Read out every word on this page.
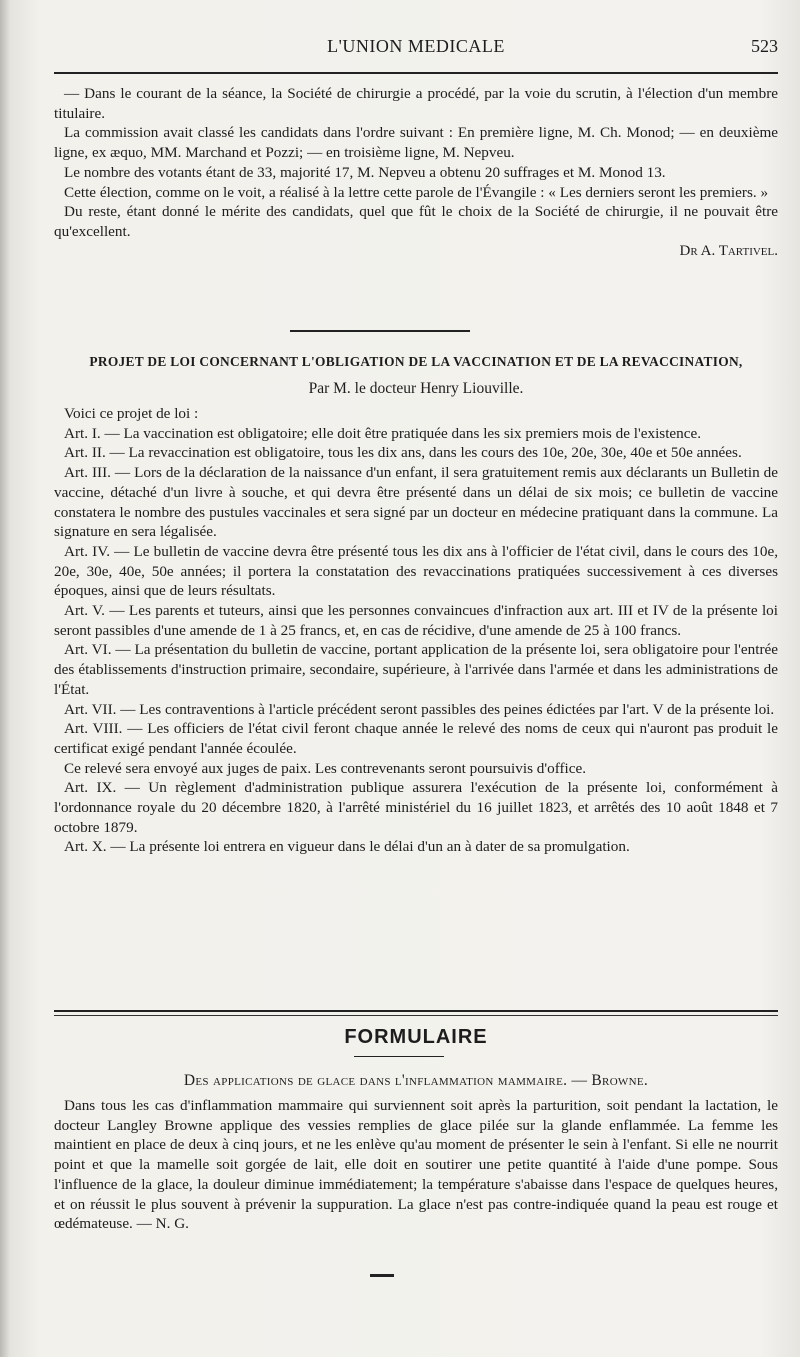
L'UNION MEDICALE	523

— Dans le courant de la séance, la Société de chirurgie a procédé, par la voie du scrutin, à l'élection d'un membre titulaire.

La commission avait classé les candidats dans l'ordre suivant : En première ligne, M. Ch. Monod; — en deuxième ligne, ex æquo, MM. Marchand et Pozzi; — en troisième ligne, M. Nepveu.

Le nombre des votants étant de 33, majorité 17, M. Nepveu a obtenu 20 suffrages et M. Monod 13.

Cette élection, comme on le voit, a réalisé à la lettre cette parole de l'Évangile : « Les derniers seront les premiers. »

Du reste, étant donné le mérite des candidats, quel que fût le choix de la Société de chirurgie, il ne pouvait être qu'excellent.

Dr A. Tartivel.

PROJET DE LOI CONCERNANT L'OBLIGATION DE LA VACCINATION ET DE LA REVACCINATION,
Par M. le docteur Henry Liouville.

Voici ce projet de loi :

Art. I. — La vaccination est obligatoire; elle doit être pratiquée dans les six premiers mois de l'existence.

Art. II. — La revaccination est obligatoire, tous les dix ans, dans les cours des 10e, 20e, 30e, 40e et 50e années.

Art. III. — Lors de la déclaration de la naissance d'un enfant, il sera gratuitement remis aux déclarants un Bulletin de vaccine, détaché d'un livre à souche, et qui devra être présenté dans un délai de six mois; ce bulletin de vaccine constatera le nombre des pustules vaccinales et sera signé par un docteur en médecine pratiquant dans la commune. La signature en sera légalisée.

Art. IV. — Le bulletin de vaccine devra être présenté tous les dix ans à l'officier de l'état civil, dans le cours des 10e, 20e, 30e, 40e, 50e années; il portera la constatation des revaccinations pratiquées successivement à ces diverses époques, ainsi que de leurs résultats.

Art. V. — Les parents et tuteurs, ainsi que les personnes convaincues d'infraction aux art. III et IV de la présente loi seront passibles d'une amende de 1 à 25 francs, et, en cas de récidive, d'une amende de 25 à 100 francs.

Art. VI. — La présentation du bulletin de vaccine, portant application de la présente loi, sera obligatoire pour l'entrée des établissements d'instruction primaire, secondaire, supérieure, à l'arrivée dans l'armée et dans les administrations de l'État.

Art. VII. — Les contraventions à l'article précédent seront passibles des peines édictées par l'art. V de la présente loi.

Art. VIII. — Les officiers de l'état civil feront chaque année le relevé des noms de ceux qui n'auront pas produit le certificat exigé pendant l'année écoulée.

Ce relevé sera envoyé aux juges de paix. Les contrevenants seront poursuivis d'office.

Art. IX. — Un règlement d'administration publique assurera l'exécution de la présente loi, conformément à l'ordonnance royale du 20 décembre 1820, à l'arrêté ministériel du 16 juillet 1823, et arrêtés des 10 août 1848 et 7 octobre 1879.

Art. X. — La présente loi entrera en vigueur dans le délai d'un an à dater de sa promulgation.

FORMULAIRE
Des applications de glace dans l'inflammation mammaire. — Browne.

Dans tous les cas d'inflammation mammaire qui surviennent soit après la parturition, soit pendant la lactation, le docteur Langley Browne applique des vessies remplies de glace pilée sur la glande enflammée. La femme les maintient en place de deux à cinq jours, et ne les enlève qu'au moment de présenter le sein à l'enfant. Si elle ne nourrit point et que la mamelle soit gorgée de lait, elle doit en soutirer une petite quantité à l'aide d'une pompe. Sous l'influence de la glace, la douleur diminue immédiatement; la température s'abaisse dans l'espace de quelques heures, et on réussit le plus souvent à prévenir la suppuration. La glace n'est pas contre-indiquée quand la peau est rouge et œdémateuse. — N. G.
